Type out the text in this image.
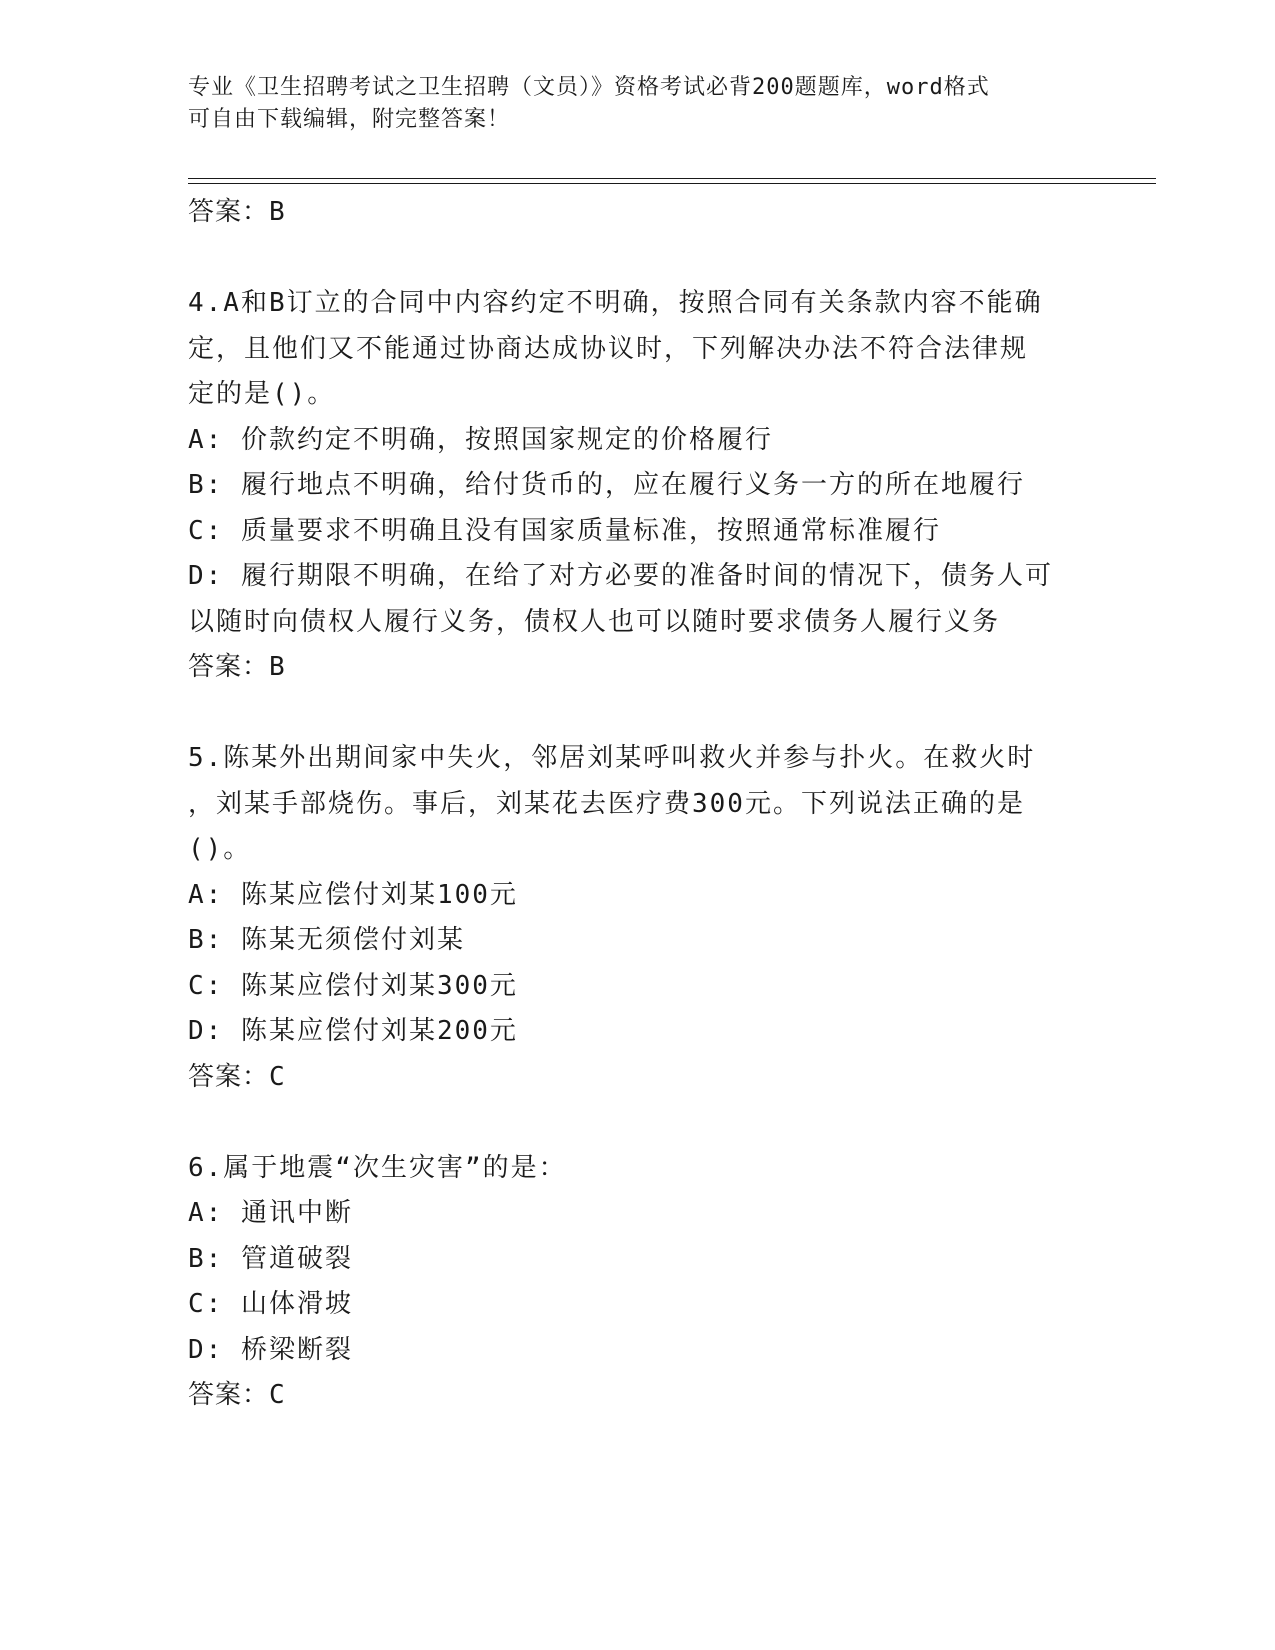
专业《卫生招聘考试之卫生招聘（文员）》资格考试必背200题题库，word格式
可自由下载编辑，附完整答案！
答案：B
4.A和B订立的合同中内容约定不明确，按照合同有关条款内容不能确
定，且他们又不能通过协商达成协议时，下列解决办法不符合法律规
定的是()。
A: 价款约定不明确，按照国家规定的价格履行
B: 履行地点不明确，给付货币的，应在履行义务一方的所在地履行
C: 质量要求不明确且没有国家质量标准，按照通常标准履行
D: 履行期限不明确，在给了对方必要的准备时间的情况下，债务人可
以随时向债权人履行义务，债权人也可以随时要求债务人履行义务
答案：B
5.陈某外出期间家中失火，邻居刘某呼叫救火并参与扑火。在救火时
，刘某手部烧伤。事后，刘某花去医疗费300元。下列说法正确的是
()。
A: 陈某应偿付刘某100元
B: 陈某无须偿付刘某
C: 陈某应偿付刘某300元
D: 陈某应偿付刘某200元
答案：C
6.属于地震“次生灾害”的是：
A: 通讯中断
B: 管道破裂
C: 山体滑坡
D: 桥梁断裂
答案：C
